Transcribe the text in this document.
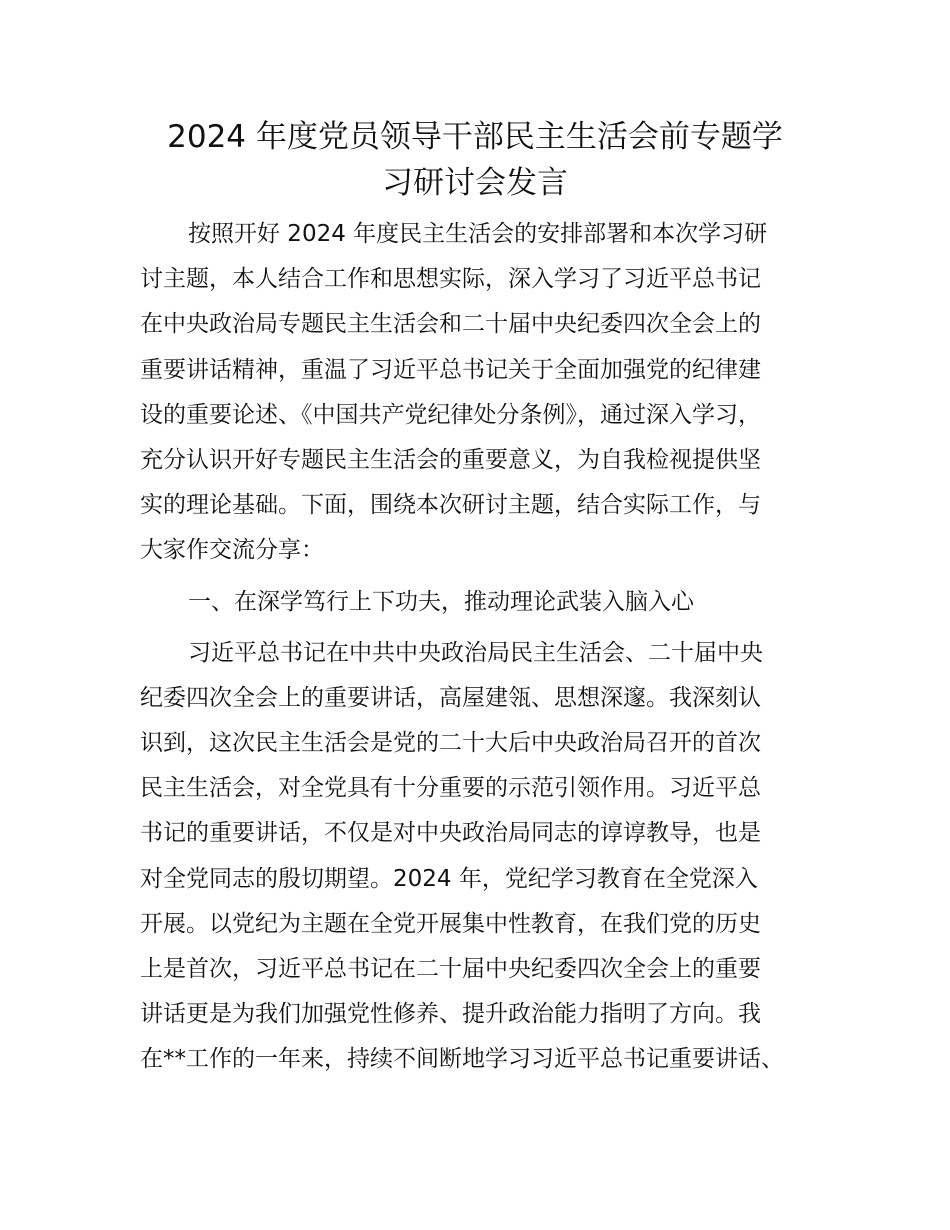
2024 年度党员领导干部民主生活会前专题学
习研讨会发言
按照开好 2024 年度民主生活会的安排部署和本次学习研
讨主题，本人结合工作和思想实际，深入学习了习近平总书记
在中央政治局专题民主生活会和二十届中央纪委四次全会上的
重要讲话精神，重温了习近平总书记关于全面加强党的纪律建
设的重要论述、《中国共产党纪律处分条例》，通过深入学习，
充分认识开好专题民主生活会的重要意义，为自我检视提供坚
实的理论基础。下面，围绕本次研讨主题，结合实际工作，与
大家作交流分享：
一、在深学笃行上下功夫，推动理论武装入脑入心
习近平总书记在中共中央政治局民主生活会、二十届中央
纪委四次全会上的重要讲话，高屋建瓴、思想深邃。我深刻认
识到，这次民主生活会是党的二十大后中央政治局召开的首次
民主生活会，对全党具有十分重要的示范引领作用。习近平总
书记的重要讲话，不仅是对中央政治局同志的谆谆教导，也是
对全党同志的殷切期望。2024 年，党纪学习教育在全党深入
开展。以党纪为主题在全党开展集中性教育，在我们党的历史
上是首次，习近平总书记在二十届中央纪委四次全会上的重要
讲话更是为我们加强党性修养、提升政治能力指明了方向。我
在**工作的一年来，持续不间断地学习习近平总书记重要讲话、
